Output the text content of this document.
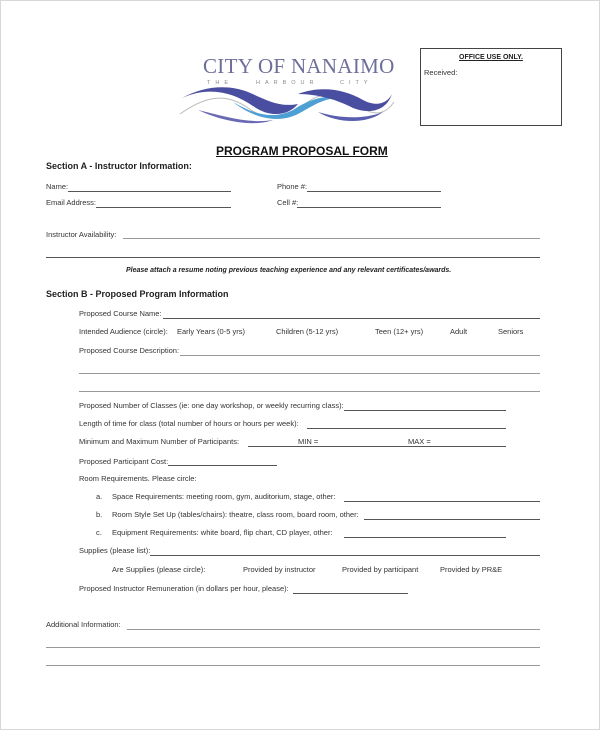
CITY OF NANAIMO
THE	HARBOUR	CITY
OFFICE USE ONLY.
Received:
PROGRAM PROPOSAL FORM
Section A - Instructor Information:
Name:	Phone #:
Email Address:	Cell #:
Instructor Availability:
Please attach a resume noting previous teaching experience and any relevant certificates/awards.
Section B - Proposed Program Information
Proposed Course Name:
Intended Audience (circle): Early Years (0-5 yrs)	Children (5-12 yrs)	Teen (12+ yrs)	Adult	Seniors
Proposed Course Description:
Proposed Number of Classes (ie: one day workshop, or weekly recurring class):
Length of time for class (total number of hours or hours per week):
Minimum and Maximum Number of Participants:	MIN =	MAX =
Proposed Participant Cost:
Room Requirements. Please circle:
a. Space Requirements: meeting room, gym, auditorium, stage, other:
b. Room Style Set Up (tables/chairs): theatre, class room, board room, other:
c. Equipment Requirements: white board, flip chart, CD player, other:
Supplies (please list):
Are Supplies (please circle):	Provided by instructor	Provided by participant	Provided by PR&E
Proposed Instructor Remuneration (in dollars per hour, please):
Additional Information:
